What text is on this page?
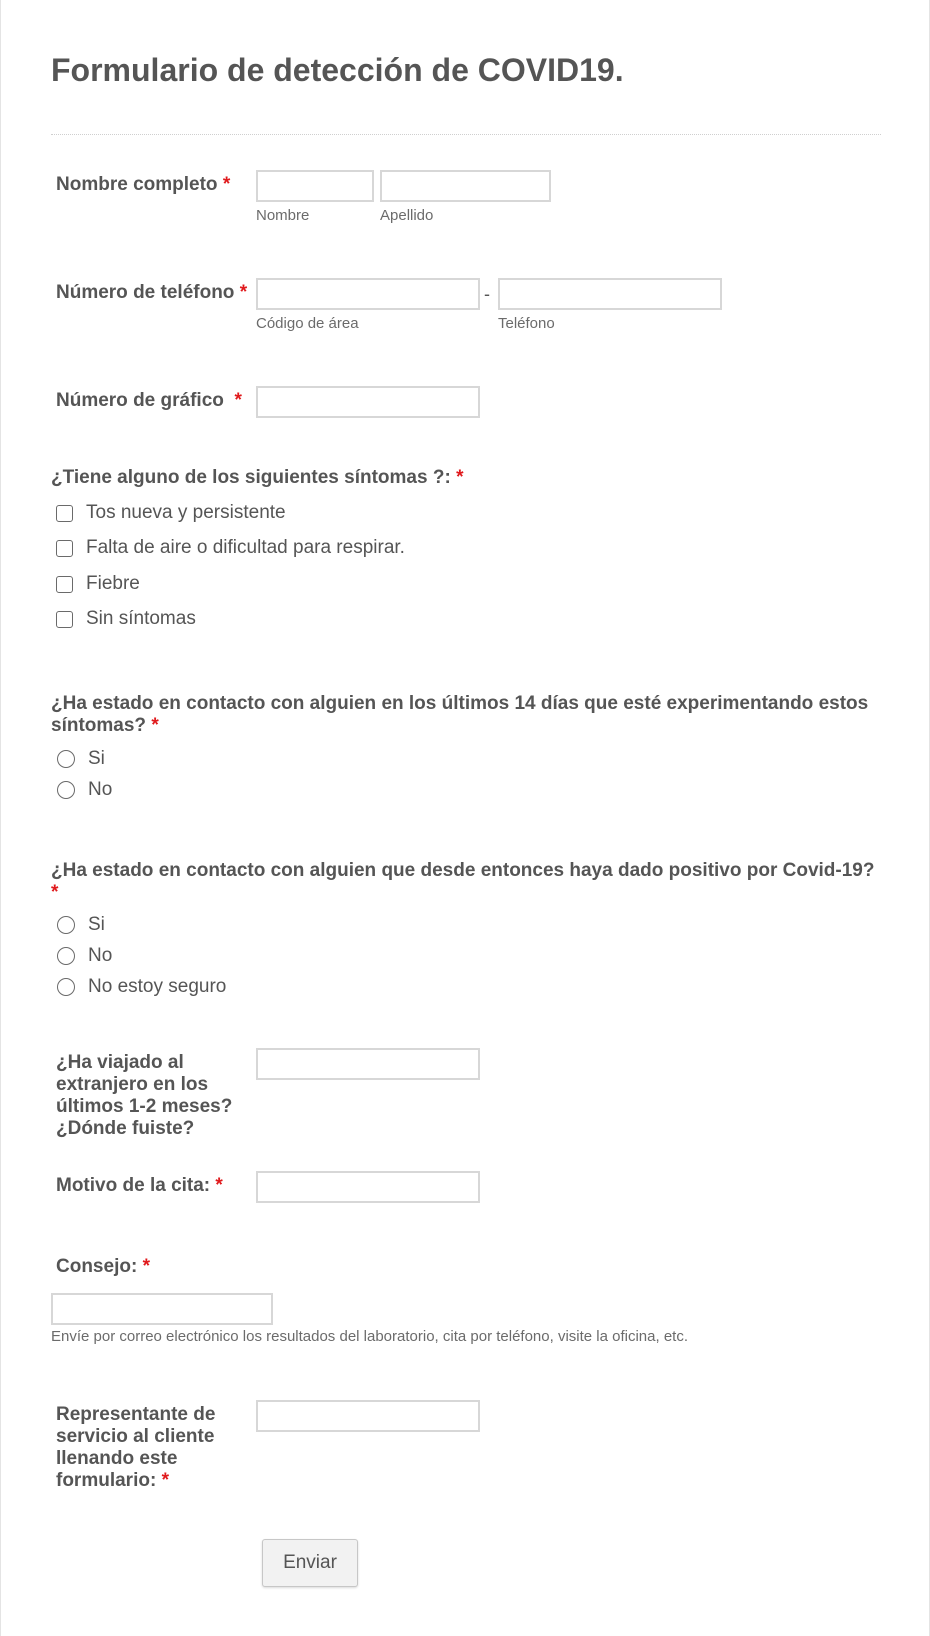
Formulario de detección de COVID19.
Nombre completo *
Nombre	Apellido
Número de teléfono *
Código de área
-
Teléfono
Número de gráfico *
¿Tiene alguno de los siguientes síntomas ?: *
Tos nueva y persistente
Falta de aire o dificultad para respirar.
Fiebre
Sin síntomas
¿Ha estado en contacto con alguien en los últimos 14 días que esté experimentando estos síntomas? *
Si
No
¿Ha estado en contacto con alguien que desde entonces haya dado positivo por Covid-19? *
Si
No
No estoy seguro
¿Ha viajado al extranjero en los últimos 1-2 meses? ¿Dónde fuiste?
Motivo de la cita: *
Consejo: *
Envíe por correo electrónico los resultados del laboratorio, cita por teléfono, visite la oficina, etc.
Representante de servicio al cliente llenando este formulario: *
Enviar
